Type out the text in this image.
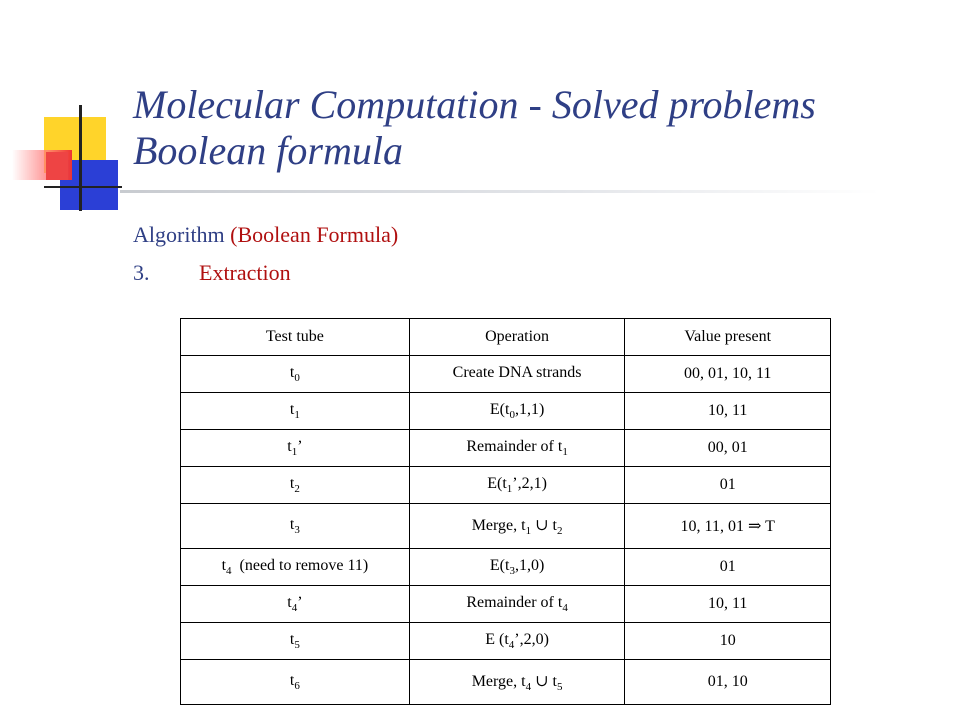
Molecular Computation - Solved problems
Boolean formula
Algorithm (Boolean Formula)
3. Extraction
Test tube	Operation	Value present
$t_0$	Create DNA strands	00, 01, 10, 11
$t_1$	$E(t_0,1,1)$	10, 11
$t_1$’	Remainder of $t_1$	00, 01
$t_2$	$E(t_1’,2,1)$	01
$t_3$	Merge, $t_1$ ∪ $t_2$	10, 11, 01 ⇒ T
$t_4$  (need to remove 11)	$E(t_3,1,0)$	01
$t_4$’	Remainder of $t_4$	10, 11
$t_5$	E $(t_4’,2,0)$	10
$t_6$	Merge, $t_4$ ∪ $t_5$	01, 10
